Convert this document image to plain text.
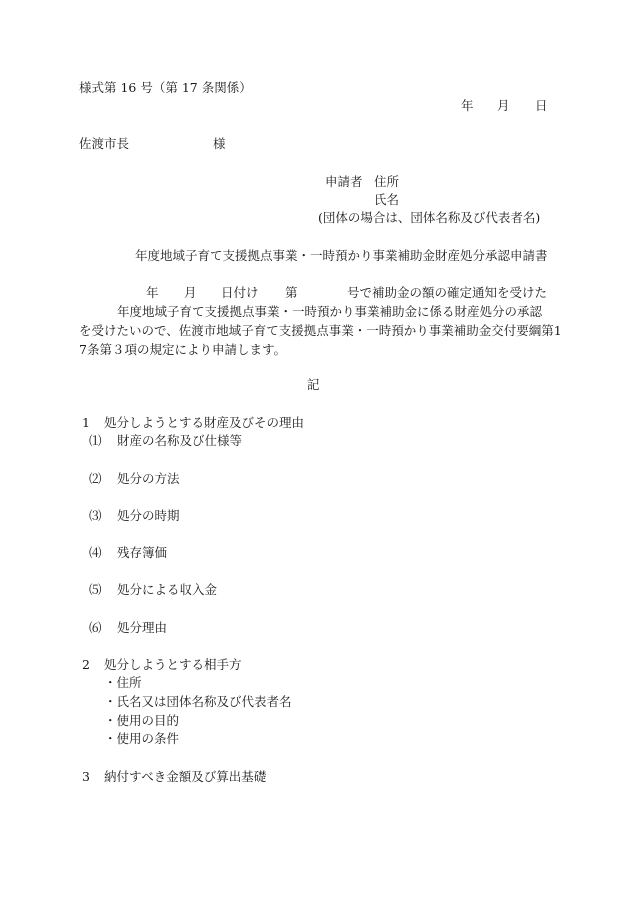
様式第 16 号（第 17 条関係）
年 月 日
佐渡市長	様
申請者 住所
氏名
(団体の場合は、団体名称及び代表者名)
年度地域子育て支援拠点事業・一時預かり事業補助金財産処分承認申請書
年 月 日付け 第	号で補助金の額の確定通知を受けた
年度地域子育て支援拠点事業・一時預かり事業補助金に係る財産処分の承認
を受けたいので、佐渡市地域子育て支援拠点事業・一時預かり事業補助金交付要綱第1
7条第３項の規定により申請します。
記
1 処分しようとする財産及びその理由
⑴ 財産の名称及び仕様等
⑵ 処分の方法
⑶ 処分の時期
⑷ 残存簿価
⑸ 処分による収入金
⑹ 処分理由
2 処分しようとする相手方
・住所
・氏名又は団体名称及び代表者名
・使用の目的
・使用の条件
3 納付すべき金額及び算出基礎
